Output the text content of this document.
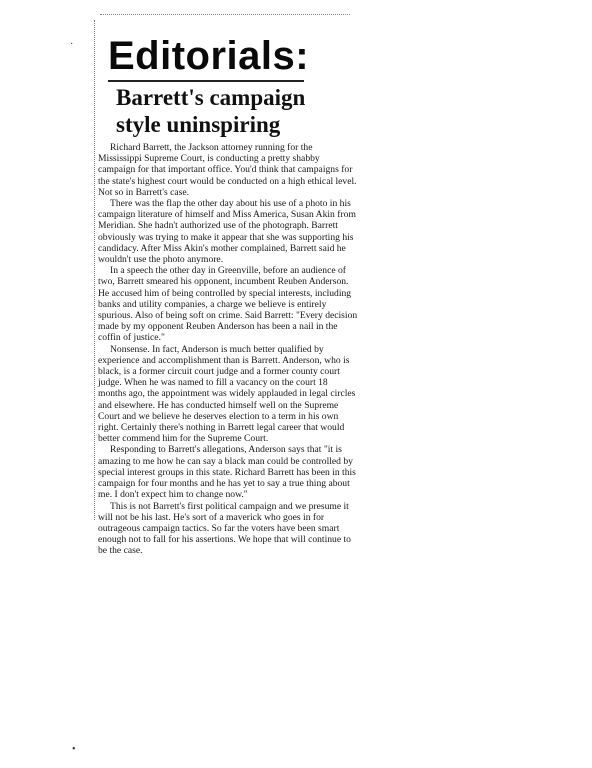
Editorials:
Barrett's campaign
style uninspiring

Richard Barrett, the Jackson attorney running for the Mississippi Supreme Court, is conducting a pretty shabby campaign for that important office. You'd think that campaigns for the state's highest court would be conducted on a high ethical level. Not so in Barrett's case.

There was the flap the other day about his use of a photo in his campaign literature of himself and Miss America, Susan Akin from Meridian. She hadn't authorized use of the photograph. Barrett obviously was trying to make it appear that she was supporting his candidacy. After Miss Akin's mother complained, Barrett said he wouldn't use the photo anymore.

In a speech the other day in Greenville, before an audience of two, Barrett smeared his opponent, incumbent Reuben Anderson. He accused him of being controlled by special interests, including banks and utility companies, a charge we believe is entirely spurious. Also of being soft on crime. Said Barrett: "Every decision made by my opponent Reuben Anderson has been a nail in the coffin of justice."

Nonsense. In fact, Anderson is much better qualified by experience and accomplishment than is Barrett. Anderson, who is black, is a former circuit court judge and a former county court judge. When he was named to fill a vacancy on the court 18 months ago, the appointment was widely applauded in legal circles and elsewhere. He has conducted himself well on the Supreme Court and we believe he deserves election to a term in his own right. Certainly there's nothing in Barrett legal career that would better commend him for the Supreme Court.

Responding to Barrett's allegations, Anderson says that "it is amazing to me how he can say a black man could be controlled by special interest groups in this state. Richard Barrett has been in this campaign for four months and he has yet to say a true thing about me. I don't expect him to change now."

This is not Barrett's first political campaign and we presume it will not be his last. He's sort of a maverick who goes in for outrageous campaign tactics. So far the voters have been smart enough not to fall for his assertions. We hope that will continue to be the case.

·
•
